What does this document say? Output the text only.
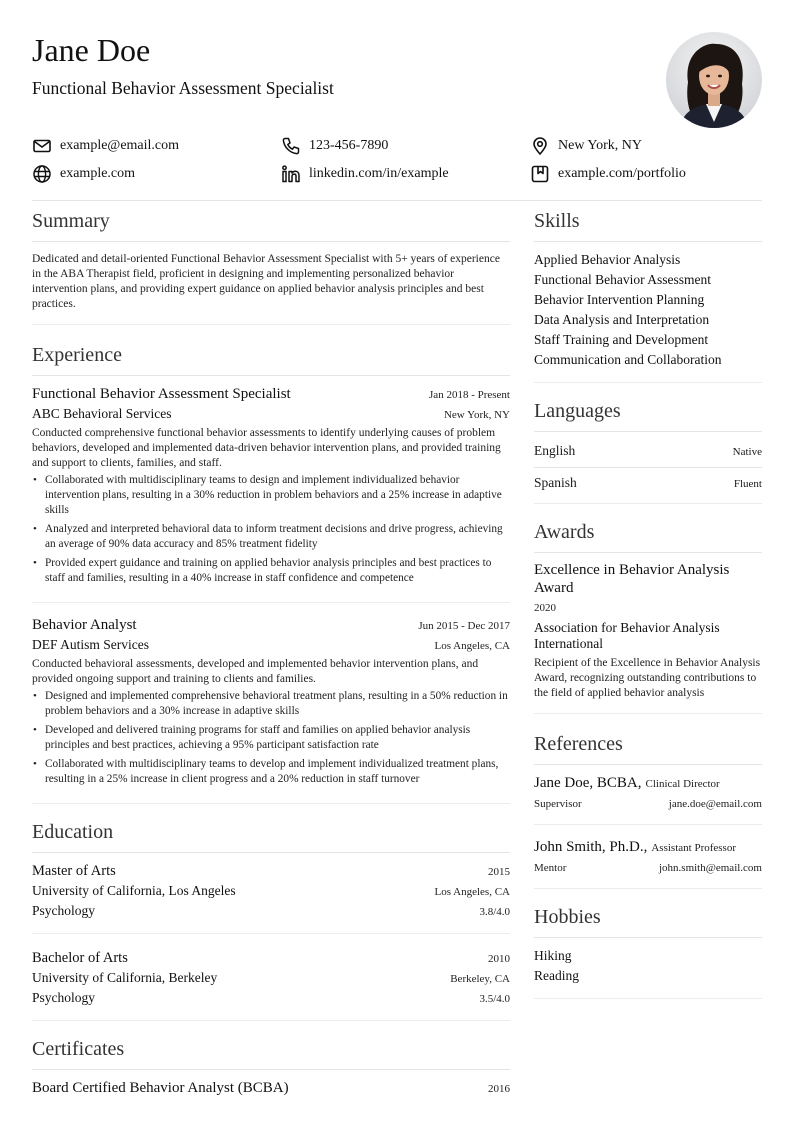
Jane Doe
Functional Behavior Assessment Specialist
example@email.com	123-456-7890	New York, NY
example.com	linkedin.com/in/example	example.com/portfolio
Summary
Dedicated and detail-oriented Functional Behavior Assessment Specialist with 5+ years of experience in the ABA Therapist field, proficient in designing and implementing personalized behavior intervention plans, and providing expert guidance on applied behavior analysis principles and best practices.
Experience
Functional Behavior Assessment Specialist	Jan 2018 - Present
ABC Behavioral Services	New York, NY
Conducted comprehensive functional behavior assessments to identify underlying causes of problem behaviors, developed and implemented data-driven behavior intervention plans, and provided training and support to clients, families, and staff.
• Collaborated with multidisciplinary teams to design and implement individualized behavior intervention plans, resulting in a 30% reduction in problem behaviors and a 25% increase in adaptive skills
• Analyzed and interpreted behavioral data to inform treatment decisions and drive progress, achieving an average of 90% data accuracy and 85% treatment fidelity
• Provided expert guidance and training on applied behavior analysis principles and best practices to staff and families, resulting in a 40% increase in staff confidence and competence
Behavior Analyst	Jun 2015 - Dec 2017
DEF Autism Services	Los Angeles, CA
Conducted behavioral assessments, developed and implemented behavior intervention plans, and provided ongoing support and training to clients and families.
• Designed and implemented comprehensive behavioral treatment plans, resulting in a 50% reduction in problem behaviors and a 30% increase in adaptive skills
• Developed and delivered training programs for staff and families on applied behavior analysis principles and best practices, achieving a 95% participant satisfaction rate
• Collaborated with multidisciplinary teams to develop and implement individualized treatment plans, resulting in a 25% increase in client progress and a 20% reduction in staff turnover
Education
Master of Arts	2015
University of California, Los Angeles	Los Angeles, CA
Psychology	3.8/4.0
Bachelor of Arts	2010
University of California, Berkeley	Berkeley, CA
Psychology	3.5/4.0
Certificates
Board Certified Behavior Analyst (BCBA)	2016
Skills
Applied Behavior Analysis
Functional Behavior Assessment
Behavior Intervention Planning
Data Analysis and Interpretation
Staff Training and Development
Communication and Collaboration
Languages
English	Native
Spanish	Fluent
Awards
Excellence in Behavior Analysis Award
2020
Association for Behavior Analysis International
Recipient of the Excellence in Behavior Analysis Award, recognizing outstanding contributions to the field of applied behavior analysis
References
Jane Doe, BCBA, Clinical Director
Supervisor	jane.doe@email.com
John Smith, Ph.D., Assistant Professor
Mentor	john.smith@email.com
Hobbies
Hiking
Reading
